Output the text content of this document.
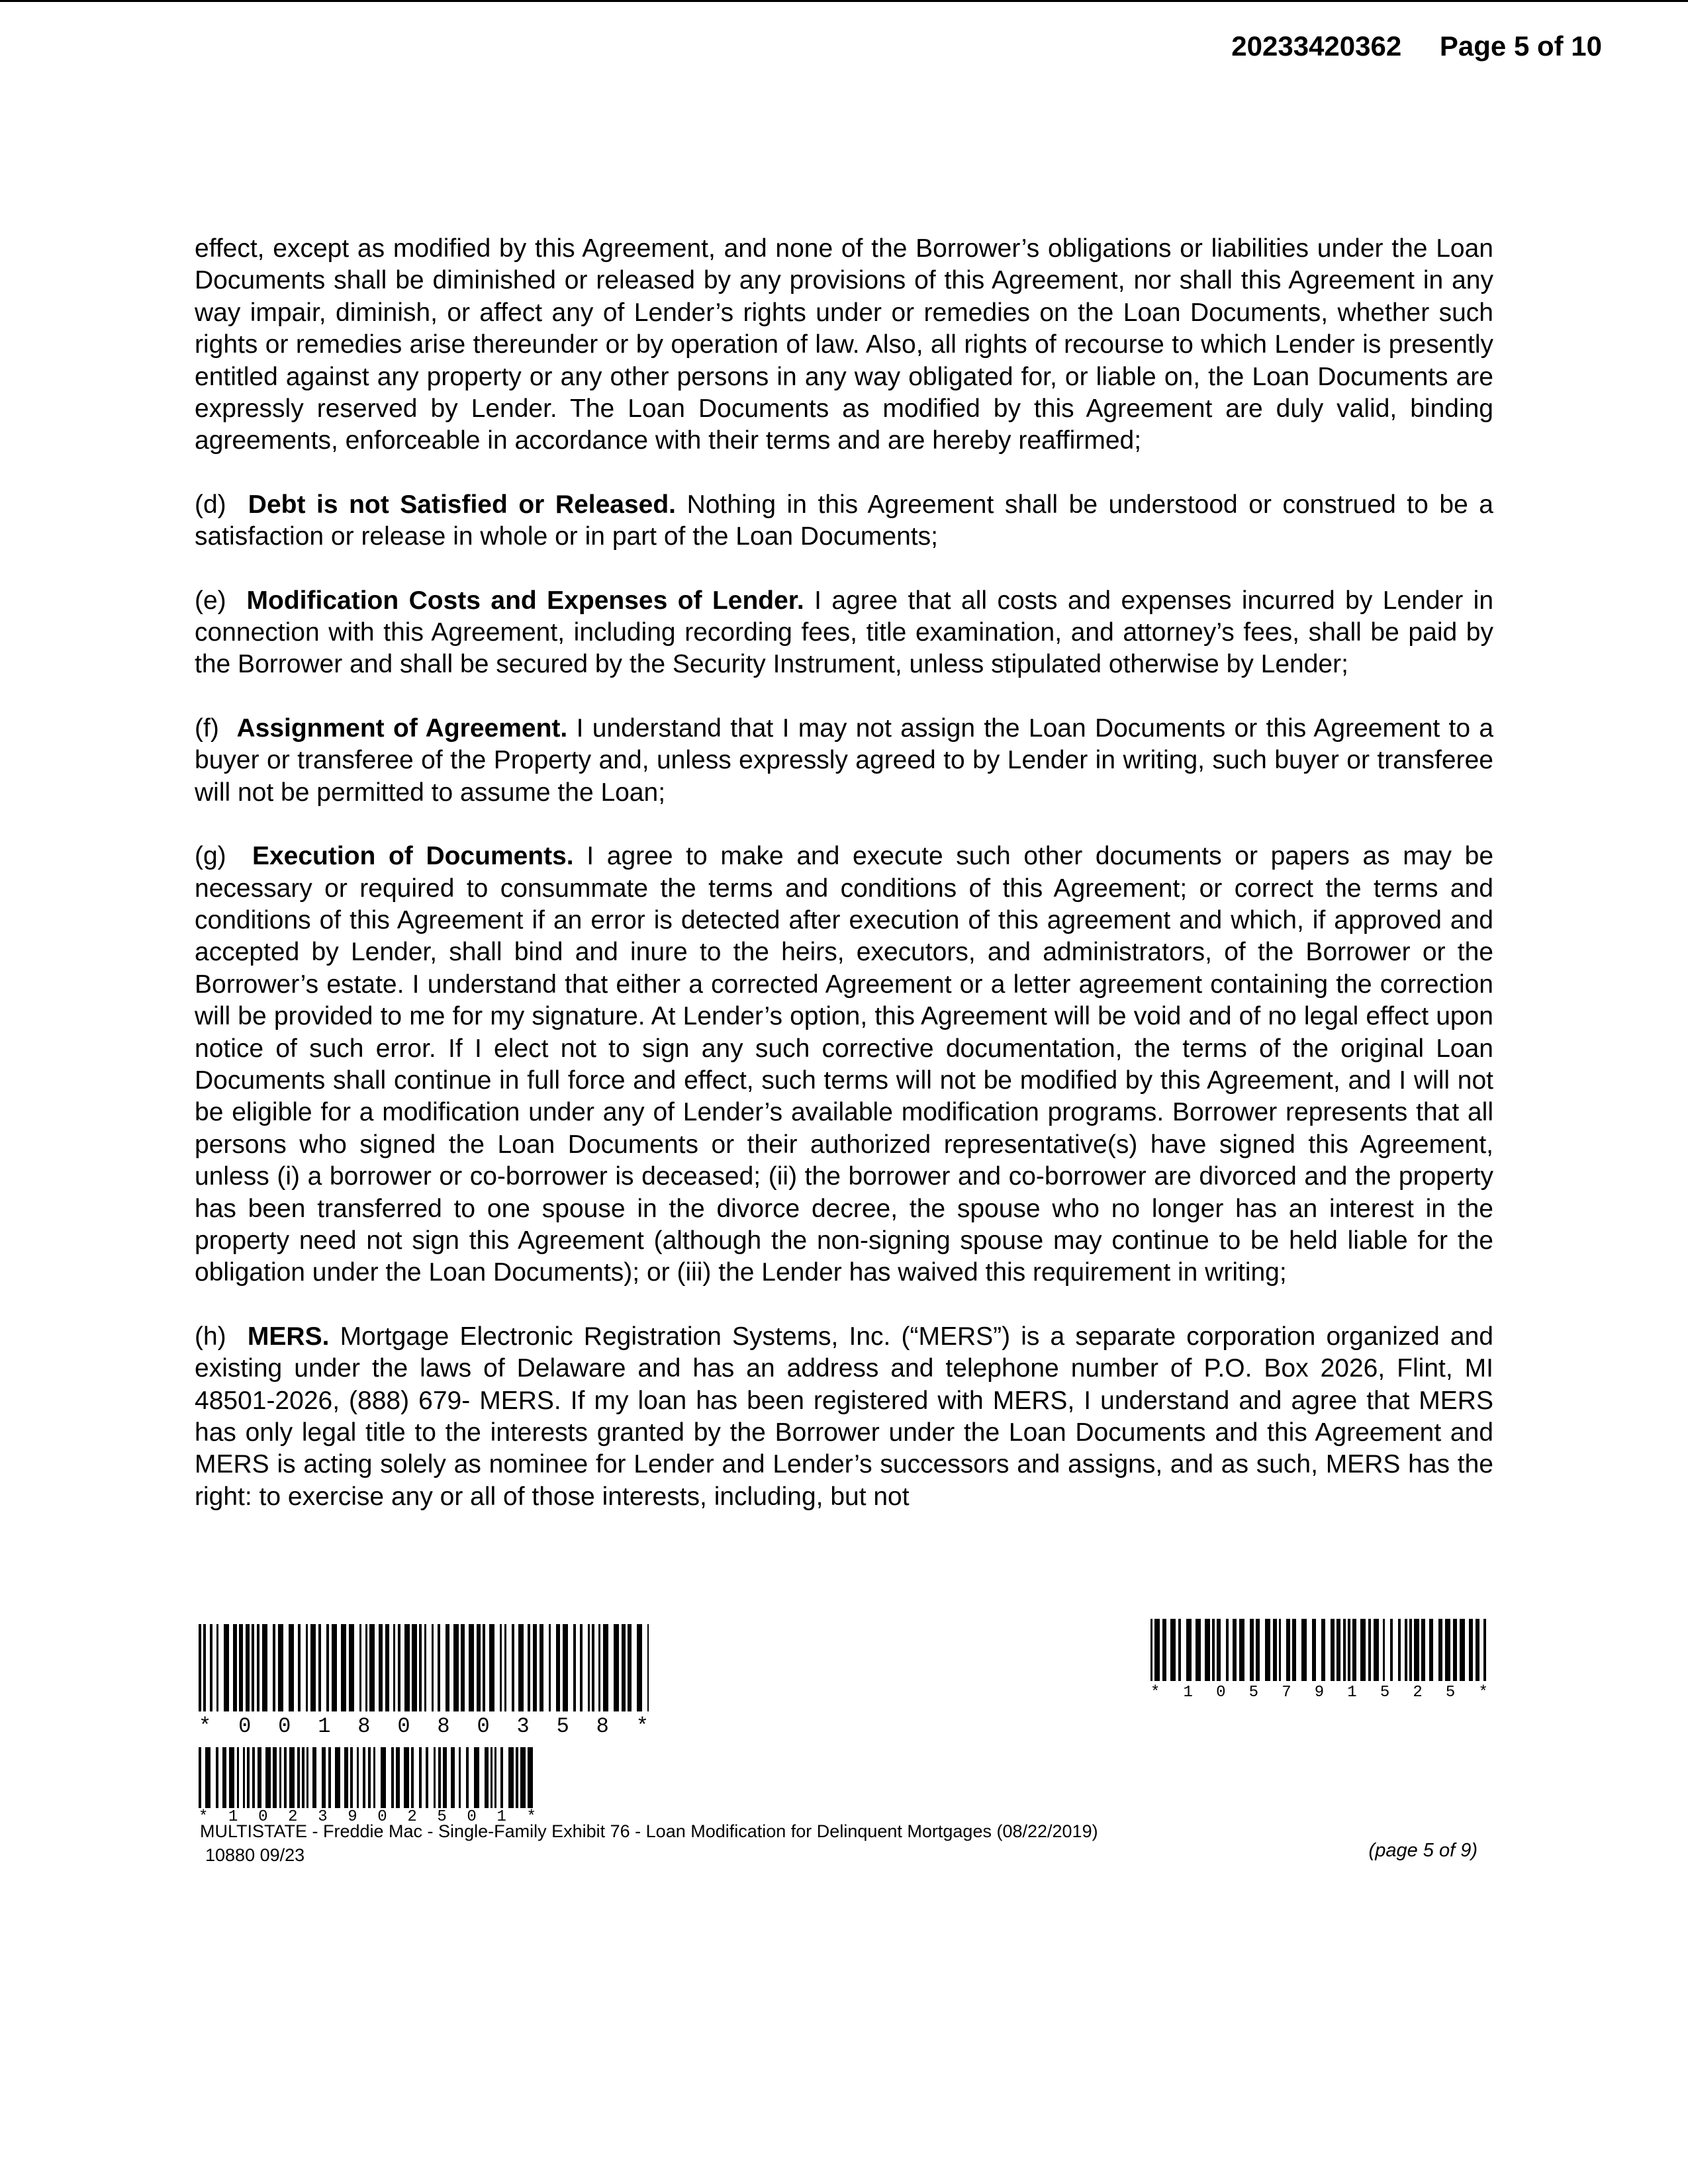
20233420362 Page 5 of 10

effect, except as modified by this Agreement, and none of the Borrower’s obligations or liabilities under the Loan Documents shall be diminished or released by any provisions of this Agreement, nor shall this Agreement in any way impair, diminish, or affect any of Lender’s rights under or remedies on the Loan Documents, whether such rights or remedies arise thereunder or by operation of law. Also, all rights of recourse to which Lender is presently entitled against any property or any other persons in any way obligated for, or liable on, the Loan Documents are expressly reserved by Lender. The Loan Documents as modified by this Agreement are duly valid, binding agreements, enforceable in accordance with their terms and are hereby reaffirmed;

(d) Debt is not Satisfied or Released. Nothing in this Agreement shall be understood or construed to be a satisfaction or release in whole or in part of the Loan Documents;

(e) Modification Costs and Expenses of Lender. I agree that all costs and expenses incurred by Lender in connection with this Agreement, including recording fees, title examination, and attorney’s fees, shall be paid by the Borrower and shall be secured by the Security Instrument, unless stipulated otherwise by Lender;

(f) Assignment of Agreement. I understand that I may not assign the Loan Documents or this Agreement to a buyer or transferee of the Property and, unless expressly agreed to by Lender in writing, such buyer or transferee will not be permitted to assume the Loan;

(g) Execution of Documents. I agree to make and execute such other documents or papers as may be necessary or required to consummate the terms and conditions of this Agreement; or correct the terms and conditions of this Agreement if an error is detected after execution of this agreement and which, if approved and accepted by Lender, shall bind and inure to the heirs, executors, and administrators, of the Borrower or the Borrower’s estate. I understand that either a corrected Agreement or a letter agreement containing the correction will be provided to me for my signature. At Lender’s option, this Agreement will be void and of no legal effect upon notice of such error. If I elect not to sign any such corrective documentation, the terms of the original Loan Documents shall continue in full force and effect, such terms will not be modified by this Agreement, and I will not be eligible for a modification under any of Lender’s available modification programs. Borrower represents that all persons who signed the Loan Documents or their authorized representative(s) have signed this Agreement, unless (i) a borrower or co-borrower is deceased; (ii) the borrower and co-borrower are divorced and the property has been transferred to one spouse in the divorce decree, the spouse who no longer has an interest in the property need not sign this Agreement (although the non-signing spouse may continue to be held liable for the obligation under the Loan Documents); or (iii) the Lender has waived this requirement in writing;

(h) MERS. Mortgage Electronic Registration Systems, Inc. (“MERS”) is a separate corporation organized and existing under the laws of Delaware and has an address and telephone number of P.O. Box 2026, Flint, MI 48501-2026, (888) 679- MERS. If my loan has been registered with MERS, I understand and agree that MERS has only legal title to the interests granted by the Borrower under the Loan Documents and this Agreement and MERS is acting solely as nominee for Lender and Lender’s successors and assigns, and as such, MERS has the right: to exercise any or all of those interests, including, but not

* 0 0 1 8 0 8 0 3 5 8 *
* 1 0 5 7 9 1 5 2 5 *
* 1 0 2 3 9 0 2 5 0 1 *
MULTISTATE - Freddie Mac - Single-Family Exhibit 76 - Loan Modification for Delinquent Mortgages (08/22/2019)
10880 09/23	(page 5 of 9)
